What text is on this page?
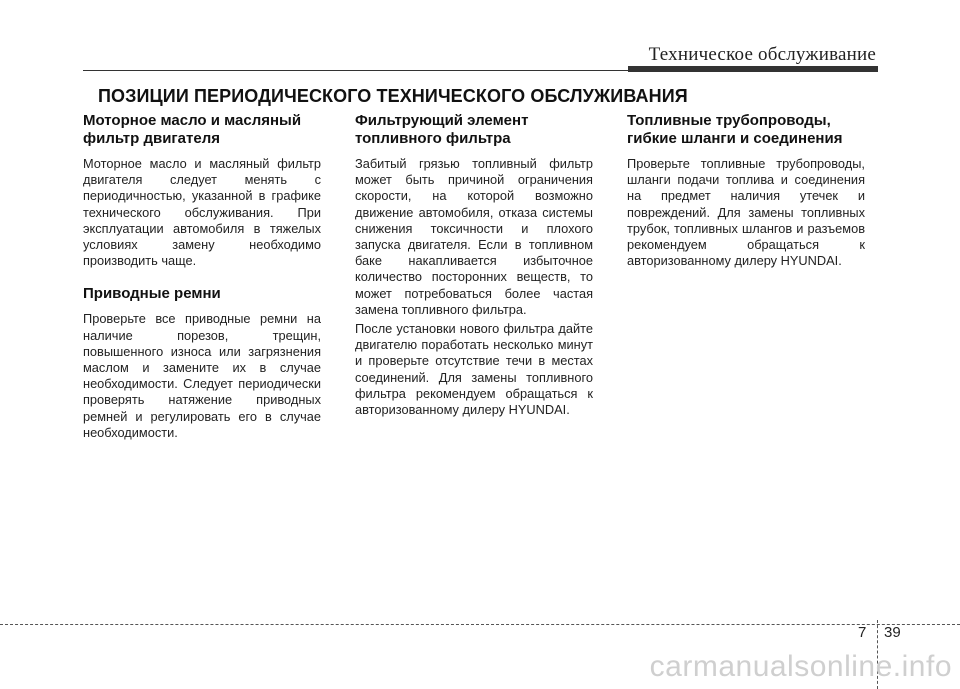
Техническое обслуживание
ПОЗИЦИИ ПЕРИОДИЧЕСКОГО ТЕХНИЧЕСКОГО ОБСЛУЖИВАНИЯ
Моторное масло и масляный фильтр двигателя

Моторное масло и масляный фильтр двигателя следует менять с периодичностью, указанной в графике технического обслуживания. При эксплуатации автомобиля в тяжелых условиях замену необходимо производить чаще.

Приводные ремни

Проверьте все приводные ремни на наличие порезов, трещин, повышенного износа или загрязнения маслом и замените их в случае необходимости. Следует периодически проверять натяжение приводных ремней и регулировать его в случае необходимости.

Фильтрующий элемент топливного фильтра

Забитый грязью топливный фильтр может быть причиной ограничения скорости, на которой возможно движение автомобиля, отказа системы снижения токсичности и плохого запуска двигателя. Если в топливном баке накапливается избыточное количество посторонних веществ, то может потребоваться более частая замена топливного фильтра.

После установки нового фильтра дайте двигателю поработать несколько минут и проверьте отсутствие течи в местах соединений. Для замены топливного фильтра рекомендуем обращаться к авторизованному дилеру HYUNDAI.

Топливные трубопроводы, гибкие шланги и соединения

Проверьте топливные трубопроводы, шланги подачи топлива и соединения на предмет наличия утечек и повреждений. Для замены топливных трубок, топливных шлангов и разъемов рекомендуем обращаться к авторизованному дилеру HYUNDAI.

7 39
carmanualsonline.info
